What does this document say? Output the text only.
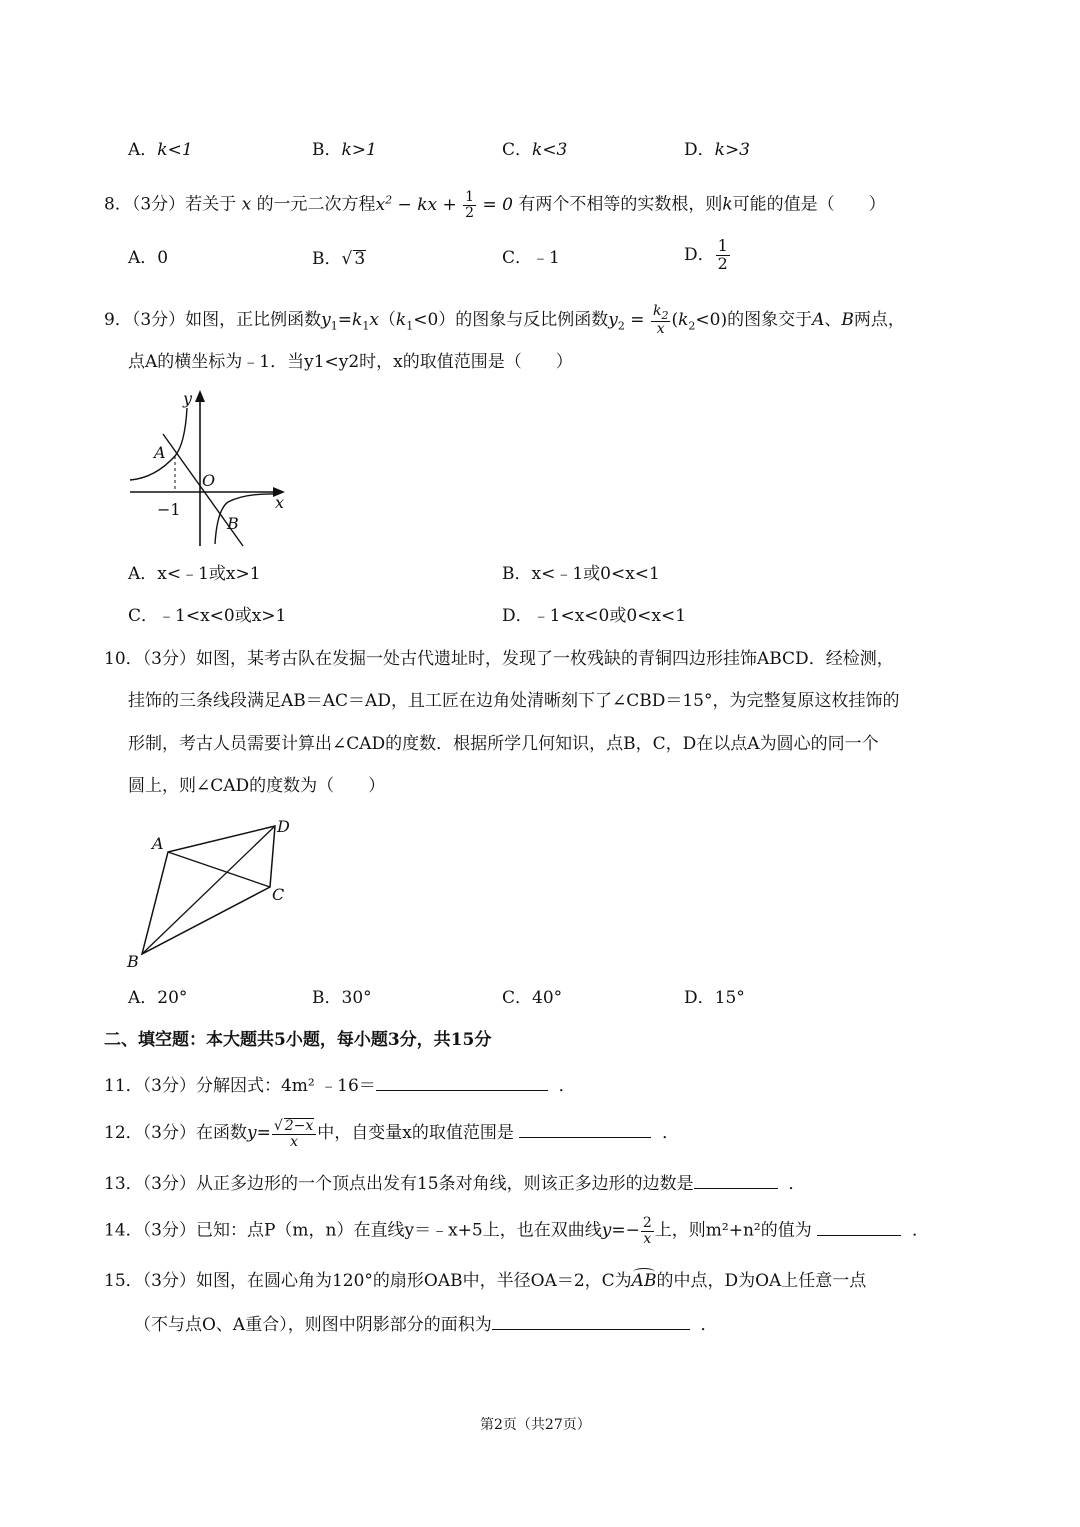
A．k<1	B．k>1	C．k<3	D．k>3
8．（3分）若关于 x 的一元二次方程$x^2$ − kx + $\frac{1}{2} = 0$ 有两个不相等的实数根，则k可能的值是（　　）
A．0	B．√ 3	C．﹣1	D． $\frac{1}{2}$
9．（3分）如图，正比例函数$y_1=k_1x(k_1<0)$的图象与反比例函数$y_2 = \frac{k_2}{x} (k_2<0)$的图象交于A、B两点，
点A的横坐标为﹣1．当y1<y2时，x的取值范围是（　　）
y
x
A
O
B
−1
A．x<﹣1或x>1	B．x<﹣1或0<x<1
C．﹣1<x<0或x>1	D．﹣1<x<0或0<x<1
10．（3分）如图，某考古队在发掘一处古代遗址时，发现了一枚残缺的青铜四边形挂饰ABCD．经检测，
挂饰的三条线段满足AB＝AC＝AD，且工匠在边角处清晰刻下了∠CBD＝15°，为完整复原这枚挂饰的
形制，考古人员需要计算出∠CAD的度数．根据所学几何知识，点B，C，D在以点A为圆心的同一个
圆上，则∠CAD的度数为（　　）
A
D
C
B
A．20°	B．30°	C．40°	D．15°
二、填空题：本大题共5小题，每小题3分，共15分
11．（3分）分解因式：4m² ﹣16＝	．
12．（3分）在函数$y= \frac{√ 2-x}{x}$ 中，自变量x的取值范围是	．
13．（3分）从正多边形的一个顶点出发有15条对角线，则该正多边形的边数是	．
14．（3分）已知：点P（m，n）在直线y＝﹣x+5上，也在双曲线$y=- \frac{2}{x}$ 上，则m²+n²的值为	．
15．（3分）如图，在圆心角为120°的扇形OAB中，半径OA＝2，C为
AB的中点，D为OA上任意一点
（不与点O、A重合），则图中阴影部分的面积为	．
第2页（共27页）
